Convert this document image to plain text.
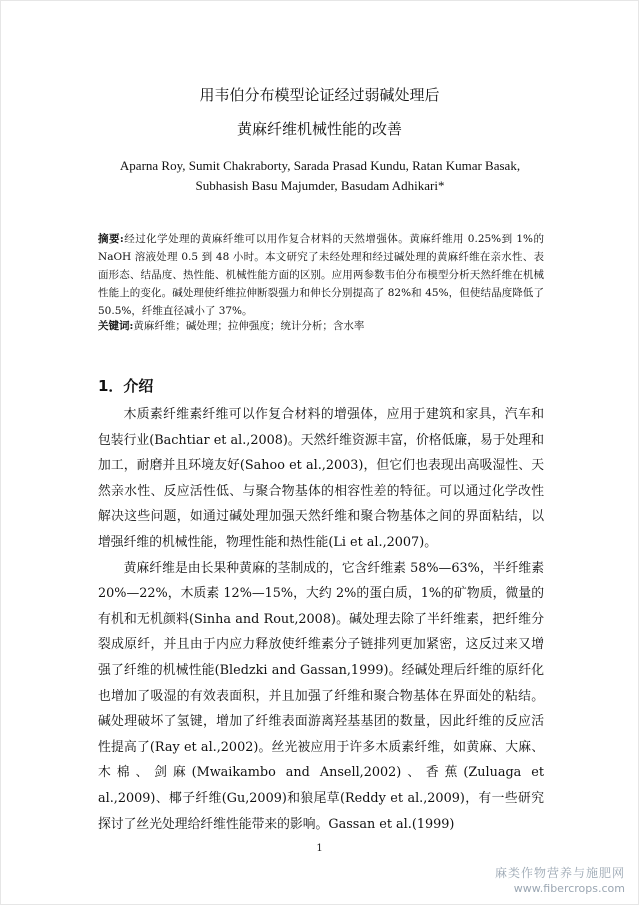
用韦伯分布模型论证经过弱碱处理后
黄麻纤维机械性能的改善
Aparna Roy, Sumit Chakraborty, Sarada Prasad Kundu, Ratan Kumar Basak,
Subhasish Basu Majumder, Basudam Adhikari*
摘要:经过化学处理的黄麻纤维可以用作复合材料的天然增强体。黄麻纤维用 0.25%到 1%的NaOH 溶液处理 0.5 到 48 小时。本文研究了未经处理和经过碱处理的黄麻纤维在亲水性、表面形态、结晶度、热性能、机械性能方面的区别。应用两参数韦伯分布模型分析天然纤维在机械性能上的变化。碱处理使纤维拉伸断裂强力和伸长分别提高了 82%和 45%，但使结晶度降低了 50.5%，纤维直径减小了 37%。
关键词:黄麻纤维；碱处理；拉伸强度；统计分析；含水率
1．介绍

木质素纤维素纤维可以作复合材料的增强体，应用于建筑和家具，汽车和包装行业(Bachtiar et al.,2008)。天然纤维资源丰富，价格低廉，易于处理和加工，耐磨并且环境友好(Sahoo et al.,2003)，但它们也表现出高吸湿性、天然亲水性、反应活性低、与聚合物基体的相容性差的特征。可以通过化学改性解决这些问题，如通过碱处理加强天然纤维和聚合物基体之间的界面粘结，以增强纤维的机械性能，物理性能和热性能(Li et al.,2007)。

黄麻纤维是由长果种黄麻的茎制成的，它含纤维素 58%—63%，半纤维素 20%—22%，木质素 12%—15%，大约 2%的蛋白质，1%的矿物质，微量的有机和无机颜料(Sinha and Rout,2008)。碱处理去除了半纤维素，把纤维分裂成原纤，并且由于内应力释放使纤维素分子链排列更加紧密，这反过来又增强了纤维的机械性能(Bledzki and Gassan,1999)。经碱处理后纤维的原纤化也增加了吸湿的有效表面积，并且加强了纤维和聚合物基体在界面处的粘结。碱处理破坏了氢键，增加了纤维表面游离羟基基团的数量，因此纤维的反应活性提高了(Ray et al.,2002)。丝光被应用于许多木质素纤维，如黄麻、大麻、木棉、剑麻(Mwaikambo and Ansell,2002)、香蕉(Zuluaga et al.,2009)、椰子纤维(Gu,2009)和狼尾草(Reddy et al.,2009)，有一些研究探讨了丝光处理给纤维性能带来的影响。Gassan et al.(1999)

1
麻类作物营养与施肥网
www.fibercrops.com
